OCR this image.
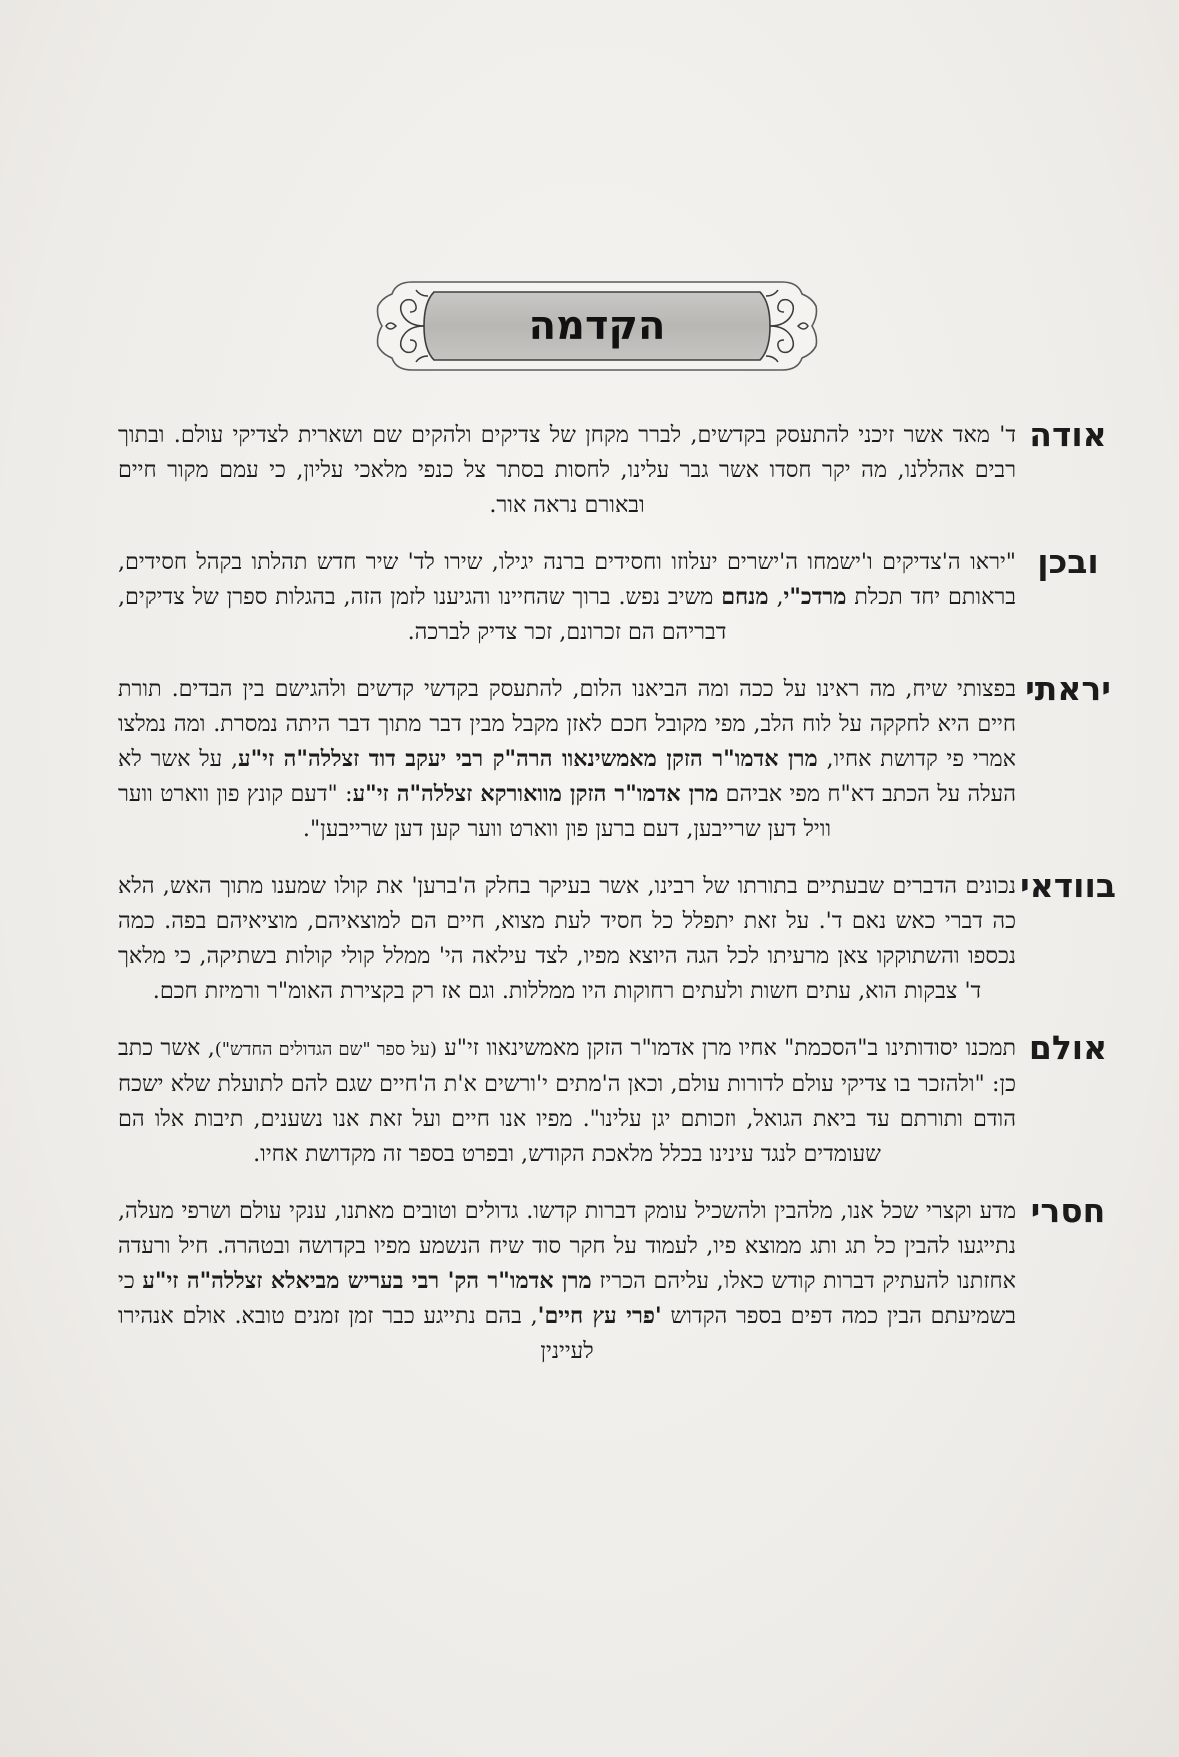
הקדמה
אודה
ד' מאד אשר זיכני להתעסק בקדשים, לברר מקחן של צדיקים ולהקים שם ושארית לצדיקי עולם. ובתוך רבים אהללנו, מה יקר חסדו אשר גבר עלינו, לחסות בסתר צל כנפי מלאכי עליון, כי עמם מקור חיים ובאורם נראה אור.
ובכן
"יראו ה'צדיקים ו'ישמחו ה'ישרים יעלוזו וחסידים ברנה יגילו, שירו לד' שיר חדש תהלתו בקהל חסידים, בראותם יחד תכלת מרדכ"י, מנחם משיב נפש. ברוך שהחיינו והגיענו לזמן הזה, בהגלות ספרן של צדיקים, דבריהם הם זכרונם, זכר צדיק לברכה.
יראתי
בפצותי שיח, מה ראינו על ככה ומה הביאנו הלום, להתעסק בקדשי קדשים ולהגישם בין הבדים. תורת חיים היא לחקקה על לוח הלב, מפי מקובל חכם לאזן מקבל מבין דבר מתוך דבר היתה נמסרת. ומה נמלצו אמרי פי קדושת אחיו, מרן אדמו"ר הזקן מאמשינאוו הרה"ק רבי יעקב דוד זצללה"ה זי"ע, על אשר לא העלה על הכתב דא"ח מפי אביהם מרן אדמו"ר הזקן מוואורקא זצללה"ה זי"ע: "דעם קונץ פון ווארט ווער וויל דען שרייבען, דעם ברען פון ווארט ווער קען דען שרייבען".
בוודאי
נכונים הדברים שבעתיים בתורתו של רבינו, אשר בעיקר בחלק ה'ברען' את קולו שמענו מתוך האש, הלא כה דברי כאש נאם ד'. על זאת יתפלל כל חסיד לעת מצוא, חיים הם למוצאיהם, מוציאיהם בפה. כמה נכספו והשתוקקו צאן מרעיתו לכל הגה היוצא מפיו, לצד עילאה הי' ממלל קולי קולות בשתיקה, כי מלאך ד' צבקות הוא, עתים חשות ולעתים רחוקות היו ממללות. וגם אז רק בקצירת האומ"ר ורמיזת חכם.
אולם
תמכנו יסודותינו ב"הסכמת" אחיו מרן אדמו"ר הזקן מאמשינאוו זי"ע (על ספר "שם הגדולים החדש"), אשר כתב כן: "ולהזכר בו צדיקי עולם לדורות עולם, וכאן ה'מתים י'ורשים א'ת ה'חיים שגם להם לתועלת שלא ישכח הודם ותורתם עד ביאת הגואל, וזכותם יגן עלינו". מפיו אנו חיים ועל זאת אנו נשענים, תיבות אלו הם שעומדים לנגד עינינו בכלל מלאכת הקודש, ובפרט בספר זה מקדושת אחיו.
חסרי
מדע וקצרי שכל אנו, מלהבין ולהשכיל עומק דברות קדשו. גדולים וטובים מאתנו, ענקי עולם ושרפי מעלה, נתייגעו להבין כל תג ותג ממוצא פיו, לעמוד על חקר סוד שיח הנשמע מפיו בקדושה ובטהרה. חיל ורעדה אחזתנו להעתיק דברות קודש כאלו, עליהם הכריז מרן אדמו"ר הק' רבי בעריש מביאלא זצללה"ה זי"ע כי בשמיעתם הבין כמה דפים בספר הקדוש 'פרי עץ חיים', בהם נתייגע כבר זמן זמנים טובא. אולם אנהירו לעיינין
